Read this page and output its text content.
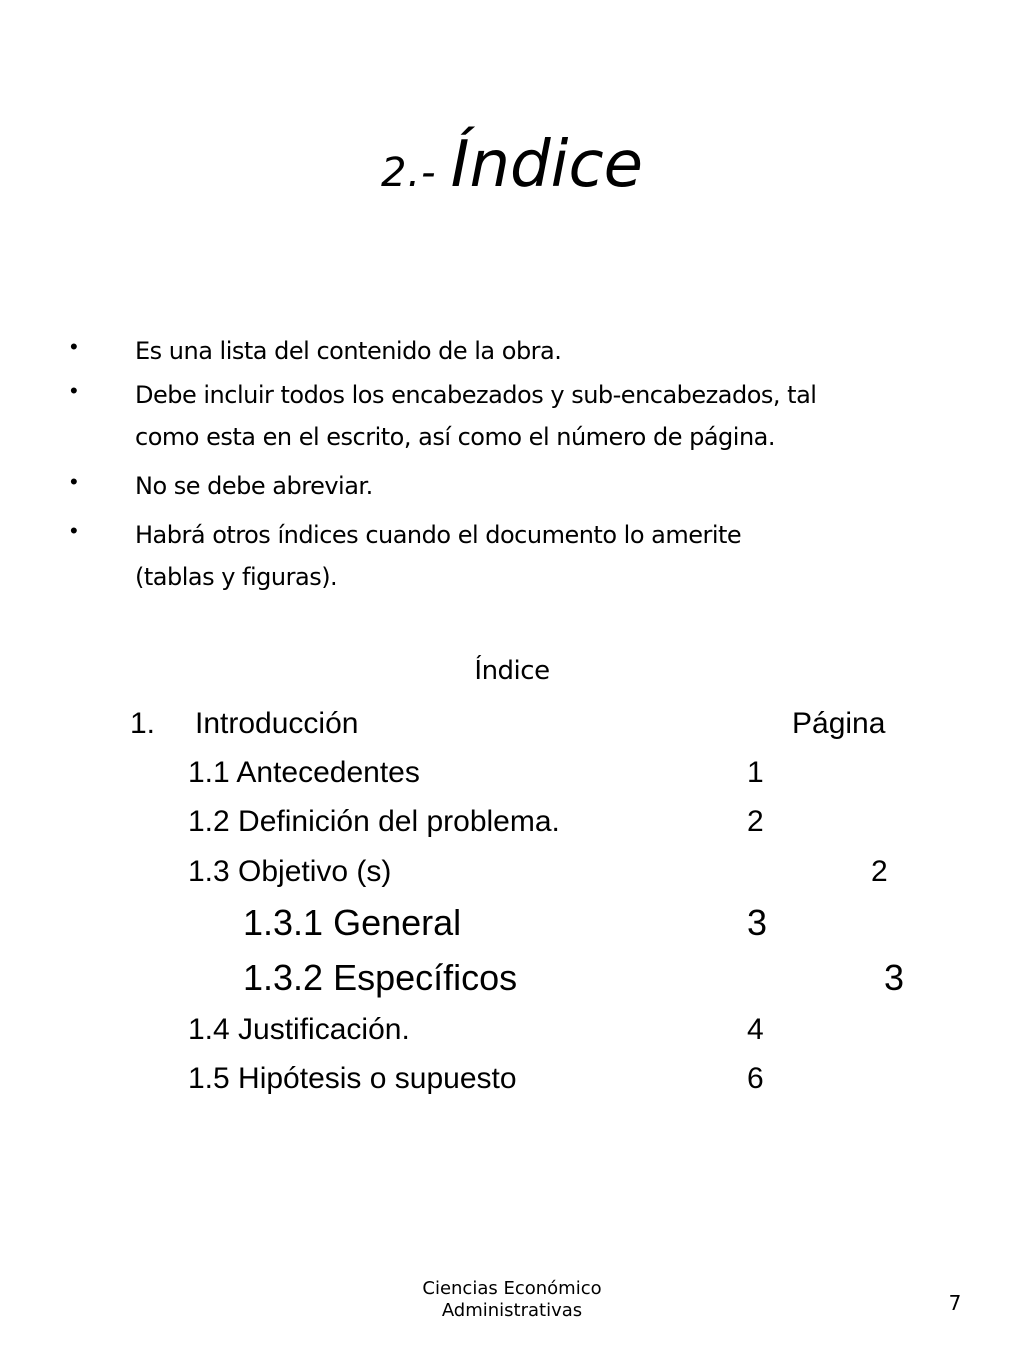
2.- Índice
•	Es una lista del contenido de la obra.
•	Debe incluir todos los encabezados y sub-encabezados, tal
como esta en el escrito, así como el número de página.
•	No se debe abreviar.
•	Habrá otros índices cuando el documento lo amerite
(tablas y figuras).
Índice
1. Introducción	Página
1.1 Antecedentes	1
1.2 Definición del problema.	2
1.3 Objetivo (s)	2
1.3.1 General	3
1.3.2 Específicos	3
1.4 Justificación.	4
1.5 Hipótesis o supuesto	6
Ciencias Económico
Administrativas	7
